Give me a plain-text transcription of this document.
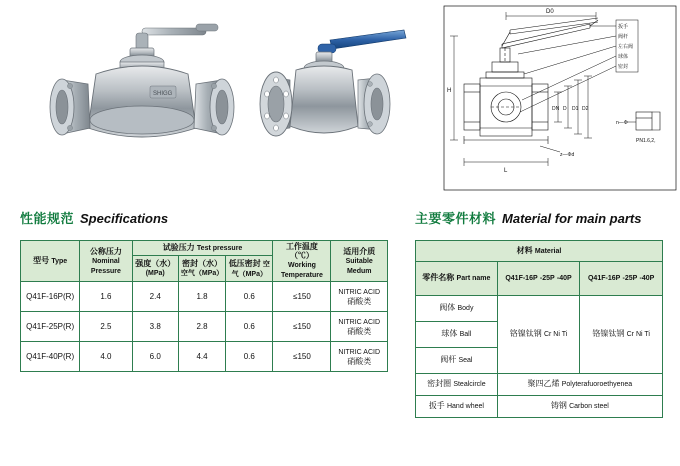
SHIGG
D0
H
DN D D1 D2
L
z—Φd
n—Φ
PN1.6,2,
扳手
阀杆
左右阀
球体
密封
性能规范 Specifications	主要零件材料 Material for main parts
型号 Type	公称压力 Nominal Pressure	试验压力 Test pressure			工作温度（℃） Working Temperature	适用介质 Suitable Medum
		强度（水） (MPa)	密封（水） 空气（MPa）	低压密封 空气（MPa）		
Q41F-16P(R)	1.6	2.4	1.8	0.6	≤150	NITRIC ACID 硝酸类
Q41F-25P(R)	2.5	3.8	2.8	0.6	≤150	NITRIC ACID 硝酸类
Q41F-40P(R)	4.0	6.0	4.4	0.6	≤150	NITRIC ACID 硝酸类
材料 Material		
零件名称 Part name	Q41F-16P -25P -40P	Q41F-16P -25P -40P
阀体 Body	铬镍钛钢 Cr Ni Ti	铬镍钛钢 Cr Ni Ti
球体 Ball		
阀杆 Seal		
密封圈 Stealcircle	聚四乙烯 Polyterafuoroethyenea	
扳手 Hand wheel	铸钢 Carbon steel	
